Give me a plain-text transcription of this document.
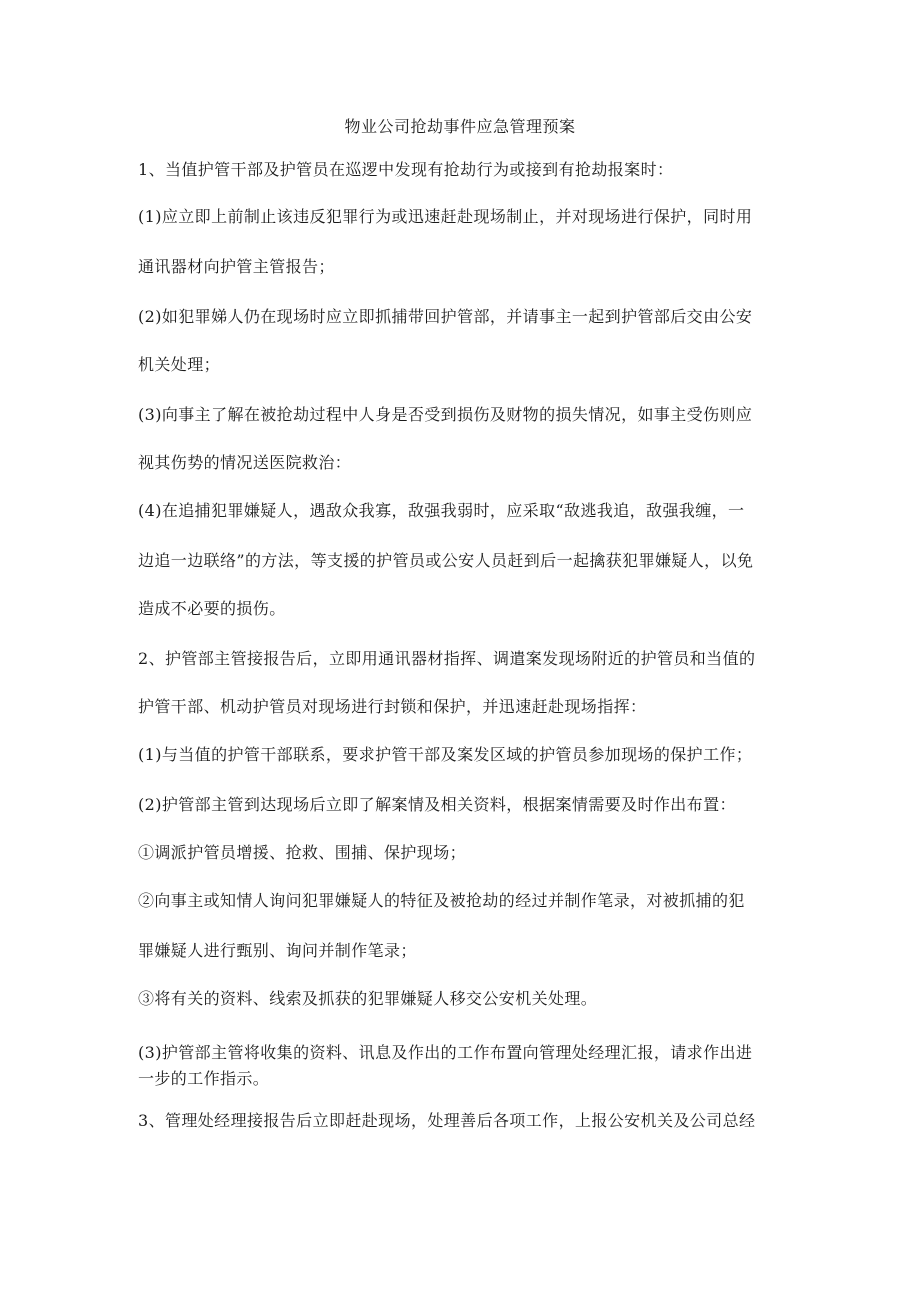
物业公司抢劫事件应急管理预案
1、当值护管干部及护管员在巡逻中发现有抢劫行为或接到有抢劫报案时：
(1)应立即上前制止该违反犯罪行为或迅速赶赴现场制止，并对现场进行保护，同时用
通讯器材向护管主管报告；
(2)如犯罪娣人仍在现场时应立即抓捕带回护管部，并请事主一起到护管部后交由公安
机关处理；
(3)向事主了解在被抢劫过程中人身是否受到损伤及财物的损失情况，如事主受伤则应
视其伤势的情况送医院救治：
(4)在追捕犯罪嫌疑人，遇敌众我寡，敌强我弱时，应采取“敌逃我追，敌强我缠，一
边追一边联络”的方法，等支援的护管员或公安人员赶到后一起擒获犯罪嫌疑人，以免
造成不必要的损伤。
2、护管部主管接报告后，立即用通讯器材指挥、调遣案发现场附近的护管员和当值的
护管干部、机动护管员对现场进行封锁和保护，并迅速赶赴现场指挥：
(1)与当值的护管干部联系，要求护管干部及案发区域的护管员参加现场的保护工作；
(2)护管部主管到达现场后立即了解案情及相关资料，根据案情需要及时作出布置：
①调派护管员增援、抢救、围捕、保护现场；
②向事主或知情人询问犯罪嫌疑人的特征及被抢劫的经过并制作笔录，对被抓捕的犯
罪嫌疑人进行甄别、询问并制作笔录；
③将有关的资料、线索及抓获的犯罪嫌疑人移交公安机关处理。
(3)护管部主管将收集的资料、讯息及作出的工作布置向管理处经理汇报，请求作出进
一步的工作指示。
3、管理处经理接报告后立即赶赴现场，处理善后各项工作，上报公安机关及公司总经
